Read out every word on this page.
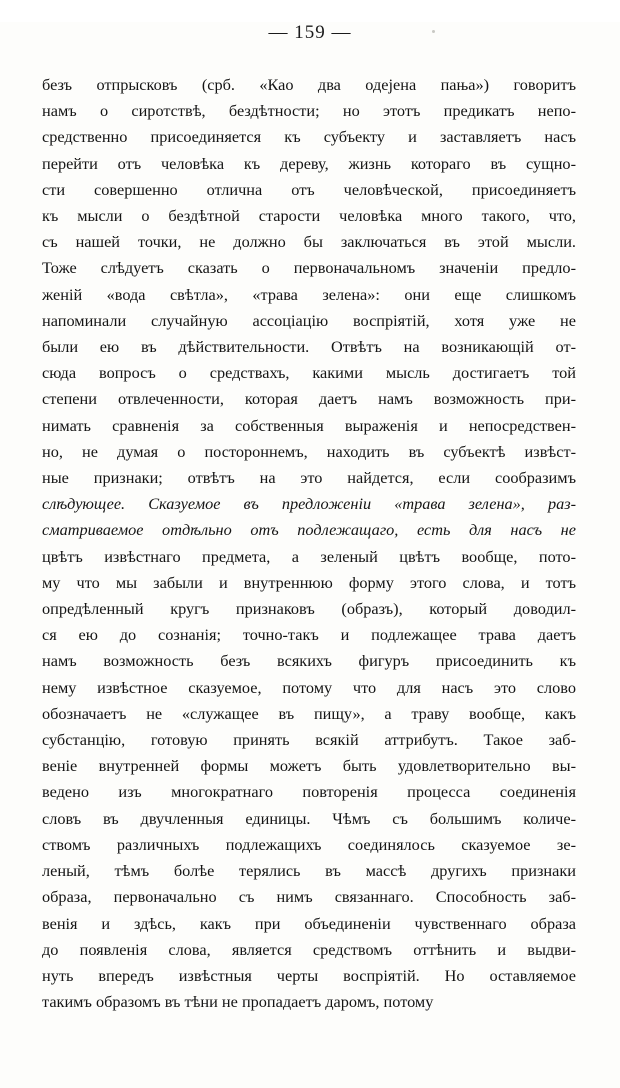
— 159 —

безъ отпрысковъ (срб. «Као два одејена пања») говоритъ
намъ о сиротствѣ, бездѣтности; но этотъ предикатъ непо-
средственно присоединяется къ субъекту и заставляетъ насъ
перейти отъ человѣка къ дереву, жизнь котораго въ сущно-
сти совершенно отлична отъ человѣческой, присоединяетъ
къ мысли о бездѣтной старости человѣка много такого, что,
съ нашей точки, не должно бы заключаться въ этой мысли.
Тоже слѣдуетъ сказать о первоначальномъ значеніи предло-
женій «вода свѣтла», «трава зелена»: они еще слишкомъ
напоминали случайную ассоціацію воспріятій, хотя уже не
были ею въ дѣйствительности. Отвѣтъ на возникающій от-
сюда вопросъ о средствахъ, какими мысль достигаетъ той
степени отвлеченности, которая даетъ намъ возможность при-
нимать сравненія за собственныя выраженія и непосредствен-
но, не думая о постороннемъ, находить въ субъектѣ извѣст-
ные признаки; отвѣтъ на это найдется, если сообразимъ
слѣдующее. Сказуемое въ предложеніи «трава зелена», раз-
сматриваемое отдѣльно отъ подлежащаго, есть для насъ не
цвѣтъ извѣстнаго предмета, а зеленый цвѣтъ вообще, пото-
му что мы забыли и внутреннюю форму этого слова, и тотъ
опредѣленный кругъ признаковъ (образъ), который доводил-
ся ею до сознанія; точно-такъ и подлежащее трава даетъ
намъ возможность безъ всякихъ фигуръ присоединить къ
нему извѣстное сказуемое, потому что для насъ это слово
обозначаетъ не «служащее въ пищу», а траву вообще, какъ
субстанцію, готовую принять всякій аттрибутъ. Такое заб-
веніе внутренней формы можетъ быть удовлетворительно вы-
ведено изъ многократнаго повторенія процесса соединенія
словъ въ двучленныя единицы. Чѣмъ съ большимъ количе-
ствомъ различныхъ подлежащихъ соединялось сказуемое зе-
леный, тѣмъ болѣе терялись въ массѣ другихъ признаки
образа, первоначально съ нимъ связаннаго. Способность заб-
венія и здѣсь, какъ при объединеніи чувственнаго образа
до появленія слова, является средствомъ оттѣнить и выдви-
нуть впередъ извѣстныя черты воспріятій. Но оставляемое
такимъ образомъ въ тѣни не пропадаетъ даромъ, потому
